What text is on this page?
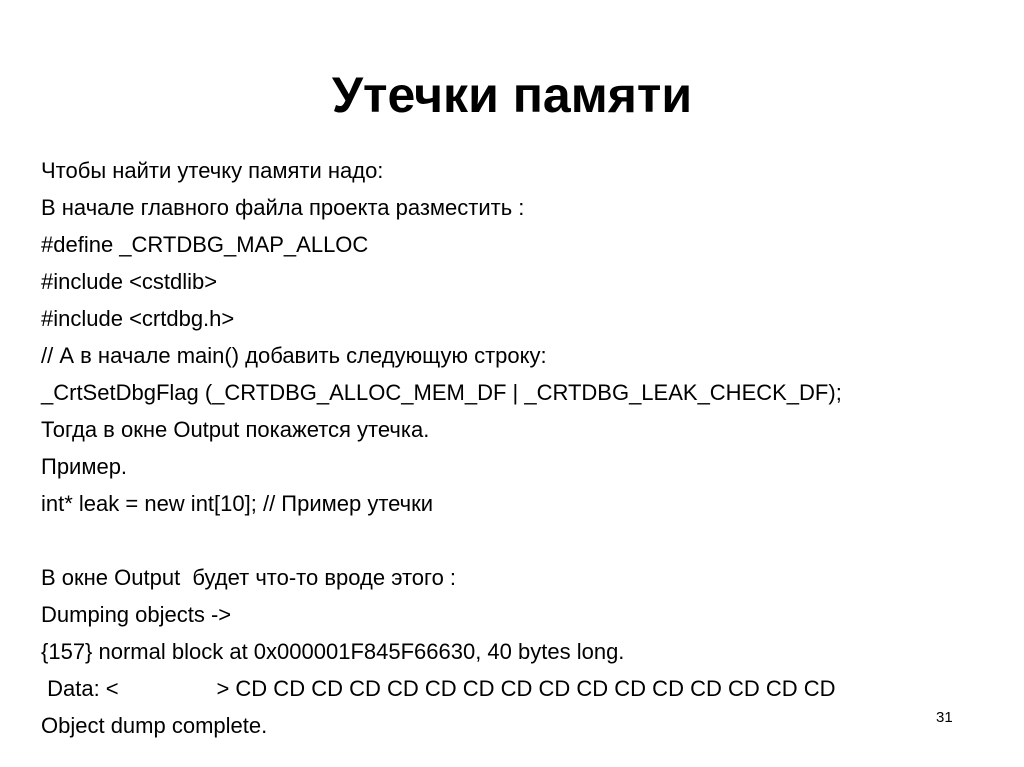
Утечки памяти
Чтобы найти утечку памяти надо:
В начале главного файла проекта разместить :
#define _CRTDBG_MAP_ALLOC
#include <cstdlib>
#include <crtdbg.h>
// А в начале main() добавить следующую строку:
_CrtSetDbgFlag (_CRTDBG_ALLOC_MEM_DF | _CRTDBG_LEAK_CHECK_DF);
Тогда в окне Output покажется утечка.
Пример.
int* leak = new int[10]; // Пример утечки
В окне Output  будет что-то вроде этого :
Dumping objects ->
{157} normal block at 0x000001F845F66630, 40 bytes long.
Data: <                > CD CD CD CD CD CD CD CD CD CD CD CD CD CD CD CD
Object dump complete.	31
